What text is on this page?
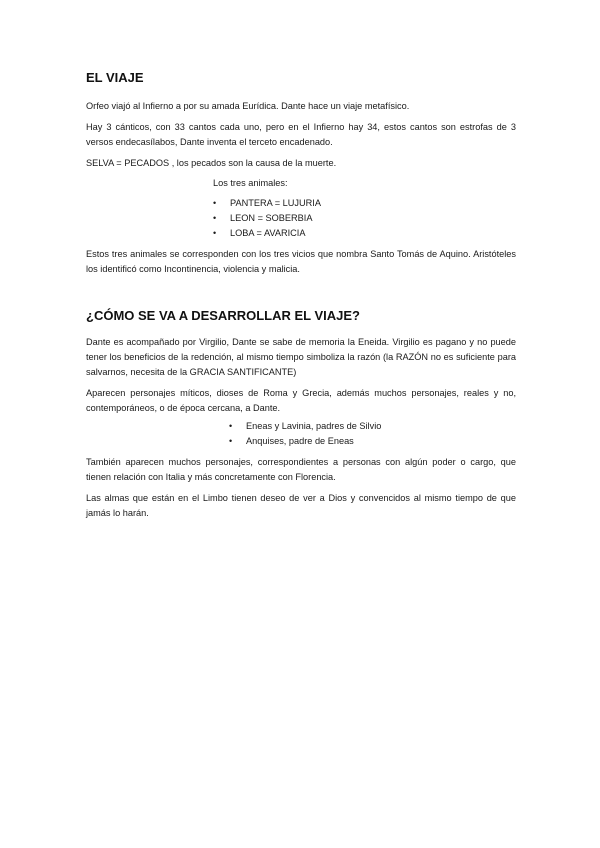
EL VIAJE

Orfeo viajó al Infierno a por su amada Eurídica. Dante hace un viaje metafísico.

Hay 3 cánticos, con 33 cantos cada uno, pero en el Infierno hay 34, estos cantos son estrofas de 3 versos endecasílabos, Dante inventa el terceto encadenado.

SELVA = PECADOS , los pecados son la causa de la muerte.

Los tres animales:
• PANTERA = LUJURIA
• LEON = SOBERBIA
• LOBA = AVARICIA

Estos tres animales se corresponden con los tres vicios que nombra Santo Tomás de Aquino. Aristóteles los identificó como Incontinencia, violencia y malicia.

¿CÓMO SE VA A DESARROLLAR EL VIAJE?

Dante es acompañado por Virgilio, Dante se sabe de memoria la Eneida. Virgilio es pagano y no puede tener los beneficios de la redención, al mismo tiempo simboliza la razón (la RAZÓN no es suficiente para salvarnos, necesita de la GRACIA SANTIFICANTE)

Aparecen personajes míticos, dioses de Roma y Grecia, además muchos personajes, reales y no, contemporáneos, o de época cercana, a Dante.

• Eneas y Lavinia, padres de Silvio
• Anquises, padre de Eneas

También aparecen muchos personajes, correspondientes a personas con algún poder o cargo, que tienen relación con Italia y más concretamente con Florencia.

Las almas que están en el Limbo tienen deseo de ver a Dios y convencidos al mismo tiempo de que jamás lo harán.
